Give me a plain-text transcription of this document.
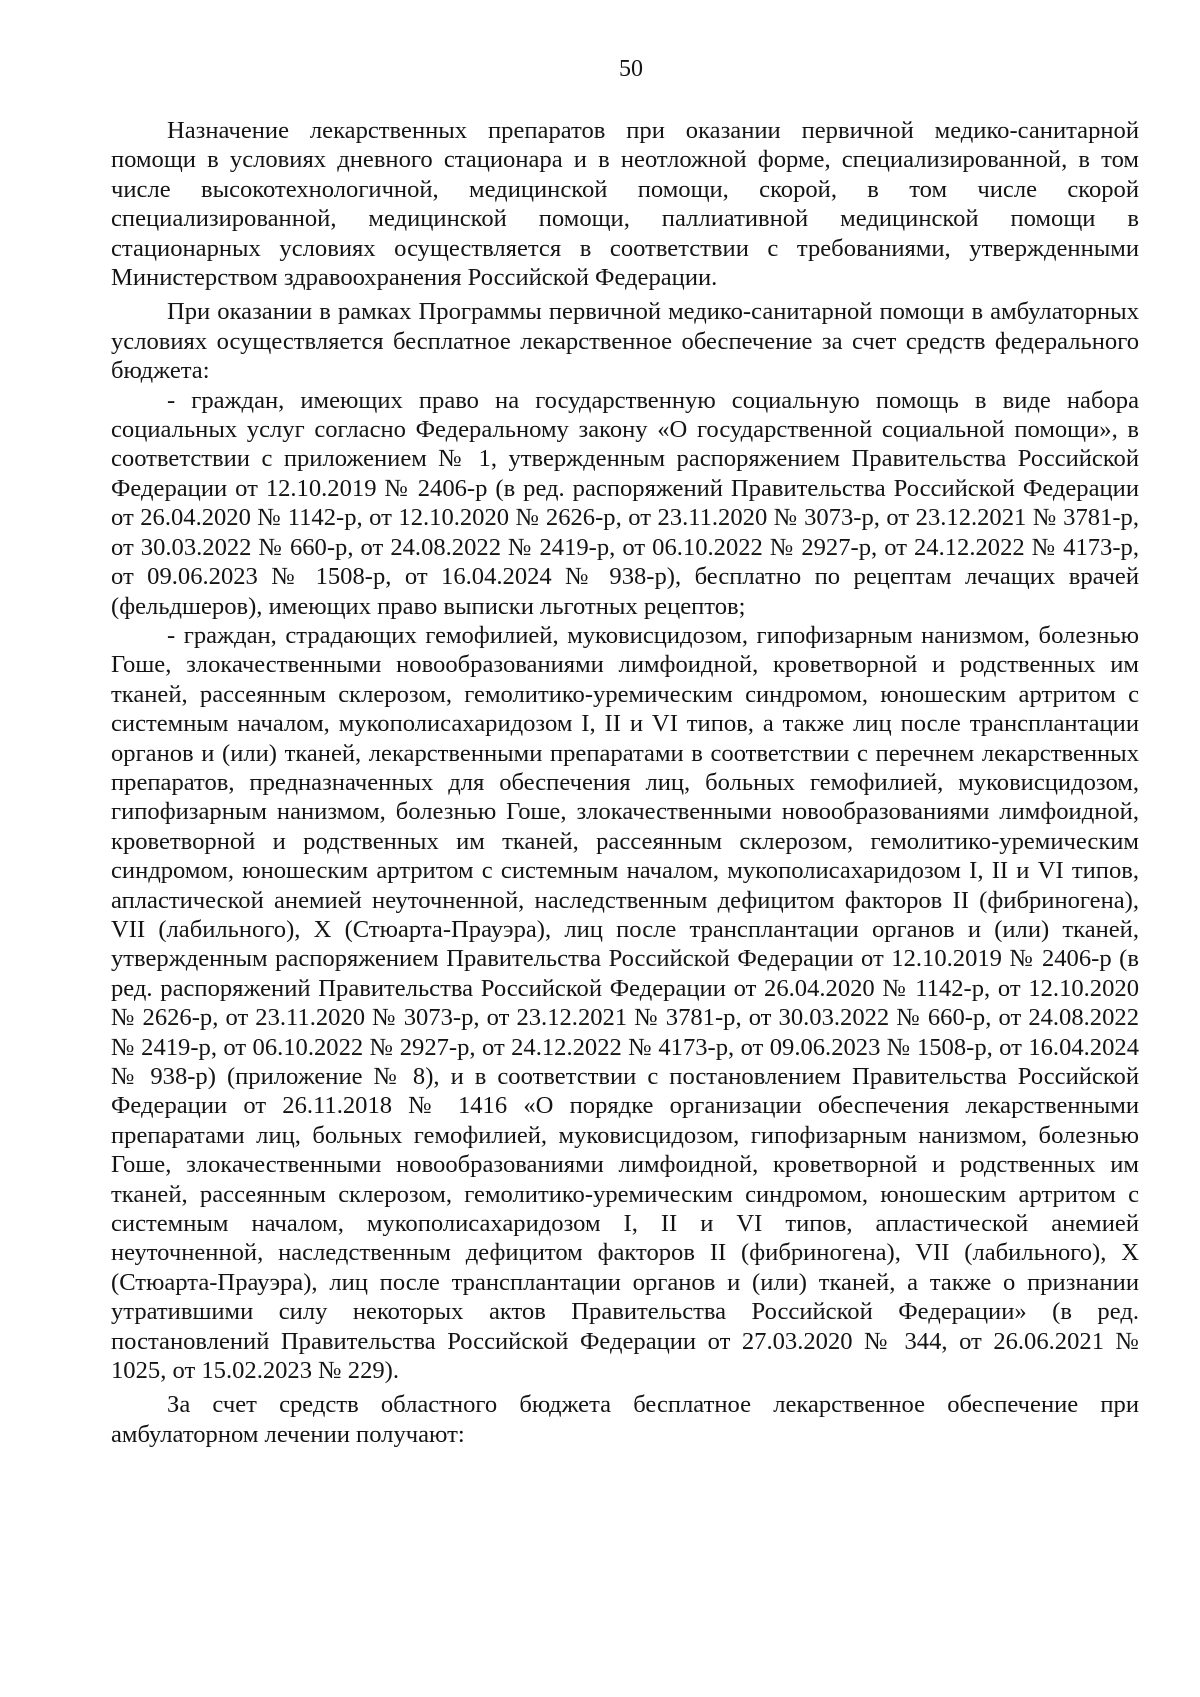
50

Назначение лекарственных препаратов при оказании первичной медико-санитарной помощи в условиях дневного стационара и в неотложной форме, специализированной, в том числе высокотехнологичной, медицинской помощи, скорой, в том числе скорой специализированной, медицинской помощи, паллиативной медицинской помощи в стационарных условиях осуществляется в соответствии с требованиями, утвержденными Министерством здравоохранения Российской Федерации.

При оказании в рамках Программы первичной медико-санитарной помощи в амбулаторных условиях осуществляется бесплатное лекарственное обеспечение за счет средств федерального бюджета:

- граждан, имеющих право на государственную социальную помощь в виде набора социальных услуг согласно Федеральному закону «О государственной социальной помощи», в соответствии с приложением № 1, утвержденным распоряжением Правительства Российской Федерации от 12.10.2019 № 2406-р (в ред. распоряжений Правительства Российской Федерации от 26.04.2020 № 1142-р, от 12.10.2020 № 2626-р, от 23.11.2020 № 3073-р, от 23.12.2021 № 3781-р, от 30.03.2022 № 660-р, от 24.08.2022 № 2419-р, от 06.10.2022 № 2927-р, от 24.12.2022 № 4173-р, от 09.06.2023 № 1508-р, от 16.04.2024 № 938-р), бесплатно по рецептам лечащих врачей (фельдшеров), имеющих право выписки льготных рецептов;

- граждан, страдающих гемофилией, муковисцидозом, гипофизарным нанизмом, болезнью Гоше, злокачественными новообразованиями лимфоидной, кроветворной и родственных им тканей, рассеянным склерозом, гемолитико-уремическим синдромом, юношеским артритом с системным началом, мукополисахаридозом I, II и VI типов, а также лиц после трансплантации органов и (или) тканей, лекарственными препаратами в соответствии с перечнем лекарственных препаратов, предназначенных для обеспечения лиц, больных гемофилией, муковисцидозом, гипофизарным нанизмом, болезнью Гоше, злокачественными новообразованиями лимфоидной, кроветворной и родственных им тканей, рассеянным склерозом, гемолитико-уремическим синдромом, юношеским артритом с системным началом, мукополисахаридозом I, II и VI типов, апластической анемией неуточненной, наследственным дефицитом факторов II (фибриногена), VII (лабильного), X (Стюарта-Прауэра), лиц после трансплантации органов и (или) тканей, утвержденным распоряжением Правительства Российской Федерации от 12.10.2019 № 2406-р (в ред. распоряжений Правительства Российской Федерации от 26.04.2020 № 1142-р, от 12.10.2020 № 2626-р, от 23.11.2020 № 3073-р, от 23.12.2021 № 3781-р, от 30.03.2022 № 660-р, от 24.08.2022 № 2419-р, от 06.10.2022 № 2927-р, от 24.12.2022 № 4173-р, от 09.06.2023 № 1508-р, от 16.04.2024 № 938-р) (приложение № 8), и в соответствии с постановлением Правительства Российской Федерации от 26.11.2018 № 1416 «О порядке организации обеспечения лекарственными препаратами лиц, больных гемофилией, муковисцидозом, гипофизарным нанизмом, болезнью Гоше, злокачественными новообразованиями лимфоидной, кроветворной и родственных им тканей, рассеянным склерозом, гемолитико-уремическим синдромом, юношеским артритом с системным началом, мукополисахаридозом I, II и VI типов, апластической анемией неуточненной, наследственным дефицитом факторов II (фибриногена), VII (лабильного), X (Стюарта-Прауэра), лиц после трансплантации органов и (или) тканей, а также о признании утратившими силу некоторых актов Правительства Российской Федерации» (в ред. постановлений Правительства Российской Федерации от 27.03.2020 № 344, от 26.06.2021 № 1025, от 15.02.2023 № 229).

За счет средств областного бюджета бесплатное лекарственное обеспечение при амбулаторном лечении получают:
